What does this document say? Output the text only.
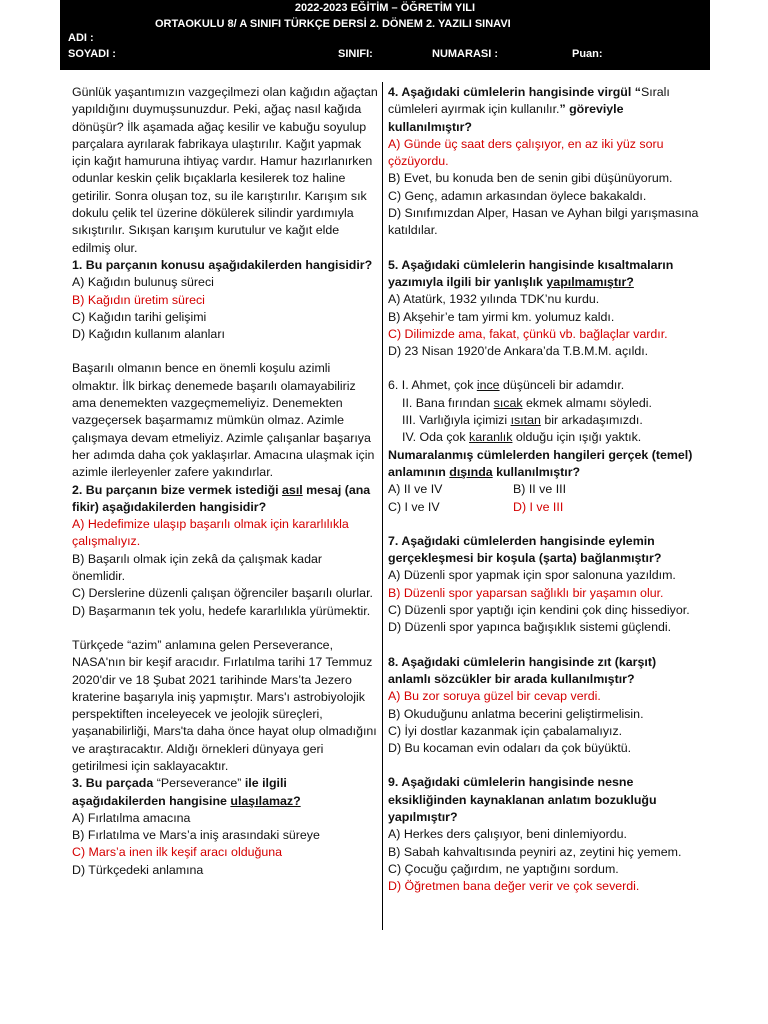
2022-2023 EĞİTİM – ÖĞRETİM YILI
ORTAOKULU 8/ A SINIFI TÜRKÇE DERSİ 2. DÖNEM 2. YAZILI SINAVI
ADI :
SOYADI :	SINIFI:	NUMARASI :	Puan:

Günlük yaşantımızın vazgeçilmezi olan kağıdın ağaçtan yapıldığını duymuşsunuzdur. Peki, ağaç nasıl kağıda dönüşür? İlk aşamada ağaç kesilir ve kabuğu soyulup parçalara ayrılarak fabrikaya ulaştırılır. Kağıt yapmak için kağıt hamuruna ihtiyaç vardır. Hamur hazırlanırken odunlar keskin çelik bıçaklarla kesilerek toz haline getirilir. Sonra oluşan toz, su ile karıştırılır. Karışım sık dokulu çelik tel üzerine dökülerek silindir yardımıyla sıkıştırılır. Sıkışan karışım kurutulur ve kağıt elde edilmiş olur.

1. Bu parçanın konusu aşağıdakilerden hangisidir?

A) Kağıdın bulunuş süreci

B) Kağıdın üretim süreci

C) Kağıdın tarihi gelişimi

D) Kağıdın kullanım alanları

Başarılı olmanın bence en önemli koşulu azimli olmaktır. İlk birkaç denemede başarılı olamayabiliriz ama denemekten vazgeçmemeliyiz. Denemekten vazgeçersek başarmamız mümkün olmaz. Azimle çalışmaya devam etmeliyiz. Azimle çalışanlar başarıya her adımda daha çok yaklaşırlar. Amacına ulaşmak için azimle ilerleyenler zafere yakındırlar.

2. Bu parçanın bize vermek istediği asıl mesaj (ana fikir) aşağıdakilerden hangisidir?

A) Hedefimize ulaşıp başarılı olmak için kararlılıkla çalışmalıyız.

B) Başarılı olmak için zekâ da çalışmak kadar önemlidir.

C) Derslerine düzenli çalışan öğrenciler başarılı olurlar.

D) Başarmanın tek yolu, hedefe kararlılıkla yürümektir.

Türkçede “azim” anlamına gelen Perseverance, NASA'nın bir keşif aracıdır. Fırlatılma tarihi 17 Temmuz 2020'dir ve 18 Şubat 2021 tarihinde Mars’ta Jezero kraterine başarıyla iniş yapmıştır. Mars'ı astrobiyolojik perspektiften inceleyecek ve jeolojik süreçleri, yaşanabilirliği, Mars'ta daha önce hayat olup olmadığını ve araştıracaktır. Aldığı örnekleri dünyaya geri getirilmesi için saklayacaktır.

3. Bu parçada “Perseverance” ile ilgili aşağıdakilerden hangisine ulaşılamaz?

A) Fırlatılma amacına

B) Fırlatılma ve Mars’a iniş arasındaki süreye

C) Mars’a inen ilk keşif aracı olduğuna

D) Türkçedeki anlamına

4. Aşağıdaki cümlelerin hangisinde virgül “Sıralı cümleleri ayırmak için kullanılır.” göreviyle kullanılmıştır?

A) Günde üç saat ders çalışıyor, en az iki yüz soru çözüyordu.

B) Evet, bu konuda ben de senin gibi düşünüyorum.

C) Genç, adamın arkasından öylece bakakaldı.

D) Sınıfımızdan Alper, Hasan ve Ayhan bilgi yarışmasına katıldılar.

5. Aşağıdaki cümlelerin hangisinde kısaltmaların yazımıyla ilgili bir yanlışlık yapılmamıştır?

A) Atatürk, 1932 yılında TDK’nu kurdu.

B) Akşehir’e tam yirmi km. yolumuz kaldı.

C) Dilimizde ama, fakat, çünkü vb. bağlaçlar vardır.

D) 23 Nisan 1920’de Ankara’da T.B.M.M. açıldı.

6. I. Ahmet, çok ince düşünceli bir adamdır.

II. Bana fırından sıcak ekmek almamı söyledi.

III. Varlığıyla içimizi ısıtan bir arkadaşımızdı.

IV. Oda çok karanlık olduğu için ışığı yaktık.

Numaralanmış cümlelerden hangileri gerçek (temel) anlamının dışında kullanılmıştır?

A) II ve IV	B) II ve III
C) I ve IV	D) I ve III

7. Aşağıdaki cümlelerden hangisinde eylemin gerçekleşmesi bir koşula (şarta) bağlanmıştır?

A) Düzenli spor yapmak için spor salonuna yazıldım.

B) Düzenli spor yaparsan sağlıklı bir yaşamın olur.

C) Düzenli spor yaptığı için kendini çok dinç hissediyor.

D) Düzenli spor yapınca bağışıklık sistemi güçlendi.

8. Aşağıdaki cümlelerin hangisinde zıt (karşıt) anlamlı sözcükler bir arada kullanılmıştır?

A) Bu zor soruya güzel bir cevap verdi.

B) Okuduğunu anlatma becerini geliştirmelisin.

C) İyi dostlar kazanmak için çabalamalıyız.

D) Bu kocaman evin odaları da çok büyüktü.

9. Aşağıdaki cümlelerin hangisinde nesne eksikliğinden kaynaklanan anlatım bozukluğu yapılmıştır?

A) Herkes ders çalışıyor, beni dinlemiyordu.

B) Sabah kahvaltısında peyniri az, zeytini hiç yemem.

C) Çocuğu çağırdım, ne yaptığını sordum.

D) Öğretmen bana değer verir ve çok severdi.
